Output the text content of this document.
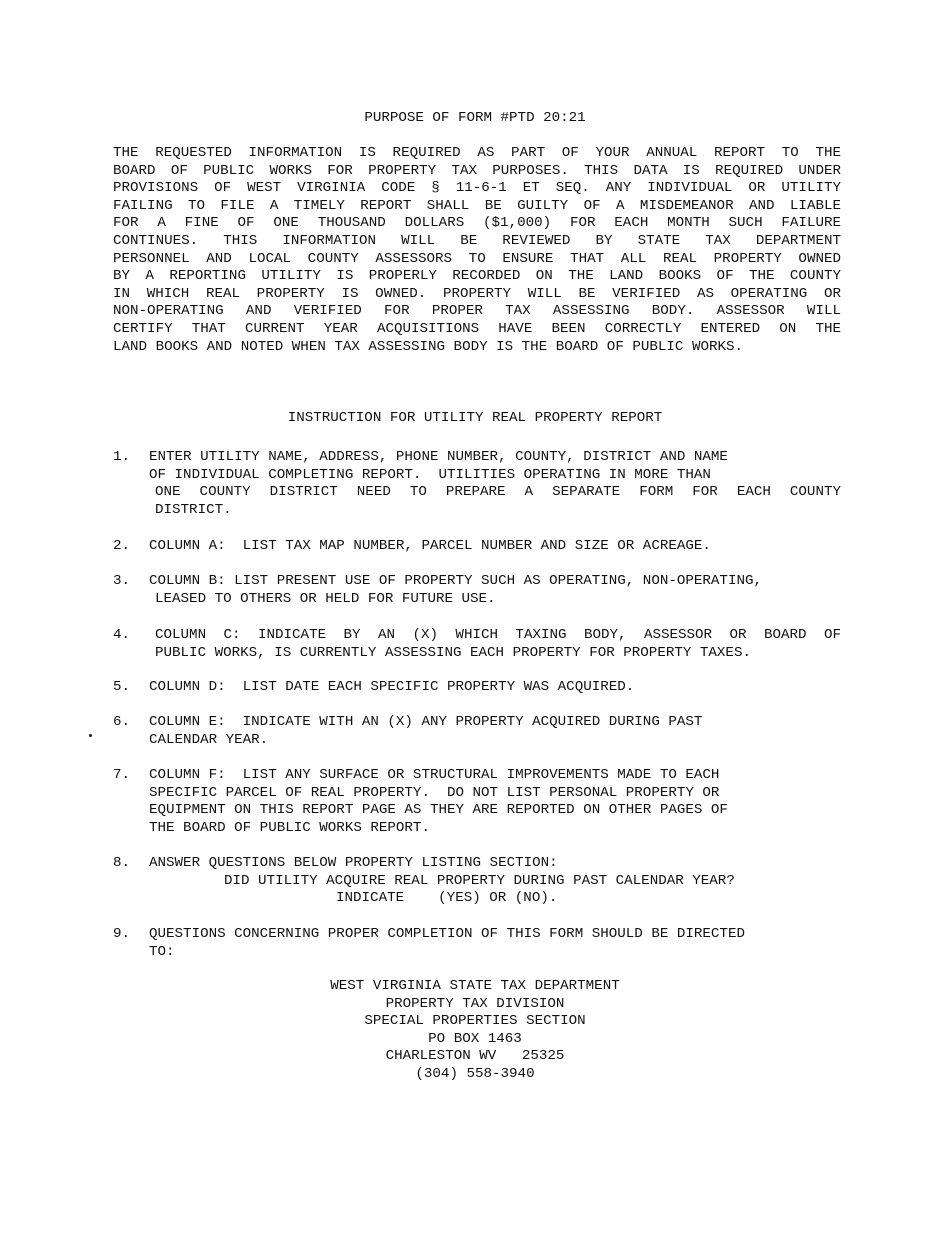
PURPOSE OF FORM #PTD 20:21
THE REQUESTED INFORMATION IS REQUIRED AS PART OF YOUR ANNUAL REPORT TO THE
BOARD OF PUBLIC WORKS FOR PROPERTY TAX PURPOSES. THIS DATA IS REQUIRED UNDER
PROVISIONS OF WEST VIRGINIA CODE § 11-6-1 ET SEQ. ANY INDIVIDUAL OR UTILITY
FAILING TO FILE A TIMELY REPORT SHALL BE GUILTY OF A MISDEMEANOR AND LIABLE
FOR A FINE OF ONE THOUSAND DOLLARS ($1,000) FOR EACH MONTH SUCH FAILURE
CONTINUES. THIS INFORMATION WILL BE REVIEWED BY STATE TAX DEPARTMENT
PERSONNEL AND LOCAL COUNTY ASSESSORS TO ENSURE THAT ALL REAL PROPERTY OWNED
BY A REPORTING UTILITY IS PROPERLY RECORDED ON THE LAND BOOKS OF THE COUNTY
IN WHICH REAL PROPERTY IS OWNED. PROPERTY WILL BE VERIFIED AS OPERATING OR
NON-OPERATING AND VERIFIED FOR PROPER TAX ASSESSING BODY. ASSESSOR WILL
CERTIFY THAT CURRENT YEAR ACQUISITIONS HAVE BEEN CORRECTLY ENTERED ON THE
LAND BOOKS AND NOTED WHEN TAX ASSESSING BODY IS THE BOARD OF PUBLIC WORKS.
INSTRUCTION FOR UTILITY REAL PROPERTY REPORT
1. ENTER UTILITY NAME, ADDRESS, PHONE NUMBER, COUNTY, DISTRICT AND NAME
OF INDIVIDUAL COMPLETING REPORT.  UTILITIES OPERATING IN MORE THAN
ONE COUNTY DISTRICT NEED TO PREPARE A SEPARATE FORM FOR EACH COUNTY
DISTRICT.
2. COLUMN A:  LIST TAX MAP NUMBER, PARCEL NUMBER AND SIZE OR ACREAGE.
3. COLUMN B: LIST PRESENT USE OF PROPERTY SUCH AS OPERATING, NON-OPERATING,
LEASED TO OTHERS OR HELD FOR FUTURE USE.
4.	COLUMN C: INDICATE BY AN (X) WHICH TAXING BODY, ASSESSOR OR BOARD OF
PUBLIC WORKS, IS CURRENTLY ASSESSING EACH PROPERTY FOR PROPERTY TAXES.
5. COLUMN D:  LIST DATE EACH SPECIFIC PROPERTY WAS ACQUIRED.
6. COLUMN E:  INDICATE WITH AN (X) ANY PROPERTY ACQUIRED DURING PAST
CALENDAR YEAR.
7. COLUMN F:  LIST ANY SURFACE OR STRUCTURAL IMPROVEMENTS MADE TO EACH
SPECIFIC PARCEL OF REAL PROPERTY.  DO NOT LIST PERSONAL PROPERTY OR
EQUIPMENT ON THIS REPORT PAGE AS THEY ARE REPORTED ON OTHER PAGES OF
THE BOARD OF PUBLIC WORKS REPORT.
8. ANSWER QUESTIONS BELOW PROPERTY LISTING SECTION:
DID UTILITY ACQUIRE REAL PROPERTY DURING PAST CALENDAR YEAR?
INDICATE    (YES) OR (NO).
9. QUESTIONS CONCERNING PROPER COMPLETION OF THIS FORM SHOULD BE DIRECTED
TO:
WEST VIRGINIA STATE TAX DEPARTMENT
PROPERTY TAX DIVISION
SPECIAL PROPERTIES SECTION
PO BOX 1463
CHARLESTON WV   25325
(304) 558-3940
